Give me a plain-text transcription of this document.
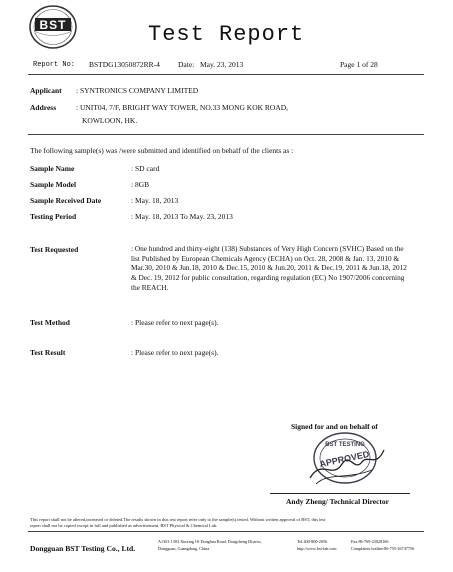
BST	Test Report
Report No: BSTDG13050872RR-4 Date: May. 23, 2013	Page 1 of 28
Applicant : SYNTRONICS COMPANY LIMITED
Address	: UNIT04, 7/F, BRIGHT WAY TOWER, NO.33 MONG KOK ROAD,
KOWLOON, HK.
The following sample(s) was /were submitted and identified on behalf of the clients as :
Sample Name	: SD card
Sample Model	: 8GB
Sample Received Date	: May. 18, 2013
Testing Period	: May. 18, 2013 To May. 23, 2013
Test Requested	: One hundred and thirty-eight (138) Substances of Very High Concern (SVHC) Based on the list Published by European Chemicals Agency (ECHA) on Oct. 28, 2008 & Jan. 13, 2010 & Mar.30, 2010 & Jun.18, 2010 & Dec.15, 2010 & Jun.20, 2011 & Dec.19, 2011 & Jun.18, 2012 & Dec. 19, 2012 for public consultation, regarding regulation (EC) No 1907/2006 concerning the REACH.
Test Method	: Please refer to next page(s).
Test Result	: Please refer to next page(s).
Signed for and on behalf of
BST TESTING
APPROVED
Andy Zheng/ Technical Director
This report shall not be altered,increased or deleted.The results shown in this test report refer only to the sample(s) tested. Without written approval of BST, this test
report shall not be copied except in full and published as advertisement. BST Physical & Chemical Lab.
Dongguan BST Testing Co., Ltd.
A1301-1303 Xinxing Of Donghua Road, Dongcheng District,
Dongguan, Guangdong, China
Tel:400-800-2056
http://www.bst-lab.com
Fax:86-769-23028166
Complaints hotline:86-755-26747756
